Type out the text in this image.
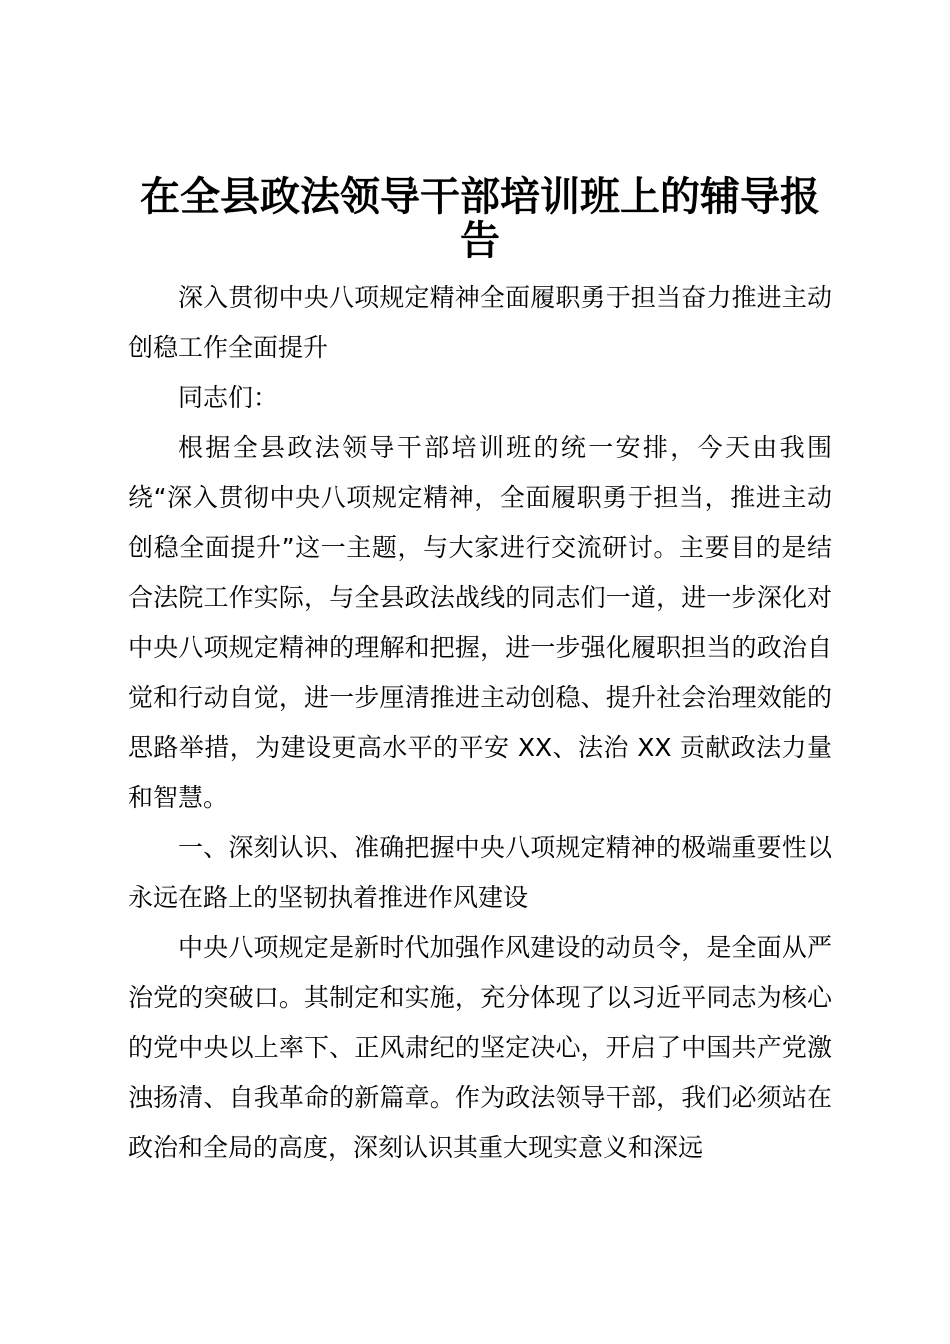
在全县政法领导干部培训班上的辅导报告

深入贯彻中央八项规定精神全面履职勇于担当奋力推进主动创稳工作全面提升

同志们：

根据全县政法领导干部培训班的统一安排，今天由我围绕“深入贯彻中央八项规定精神，全面履职勇于担当，推进主动创稳全面提升”这一主题，与大家进行交流研讨。主要目的是结合法院工作实际，与全县政法战线的同志们一道，进一步深化对中央八项规定精神的理解和把握，进一步强化履职担当的政治自觉和行动自觉，进一步厘清推进主动创稳、提升社会治理效能的思路举措，为建设更高水平的平安 XX、法治 XX 贡献政法力量和智慧。

一、深刻认识、准确把握中央八项规定精神的极端重要性以永远在路上的坚韧执着推进作风建设

中央八项规定是新时代加强作风建设的动员令，是全面从严治党的突破口。其制定和实施，充分体现了以习近平同志为核心的党中央以上率下、正风肃纪的坚定决心，开启了中国共产党激浊扬清、自我革命的新篇章。作为政法领导干部，我们必须站在政治和全局的高度，深刻认识其重大现实意义和深远
